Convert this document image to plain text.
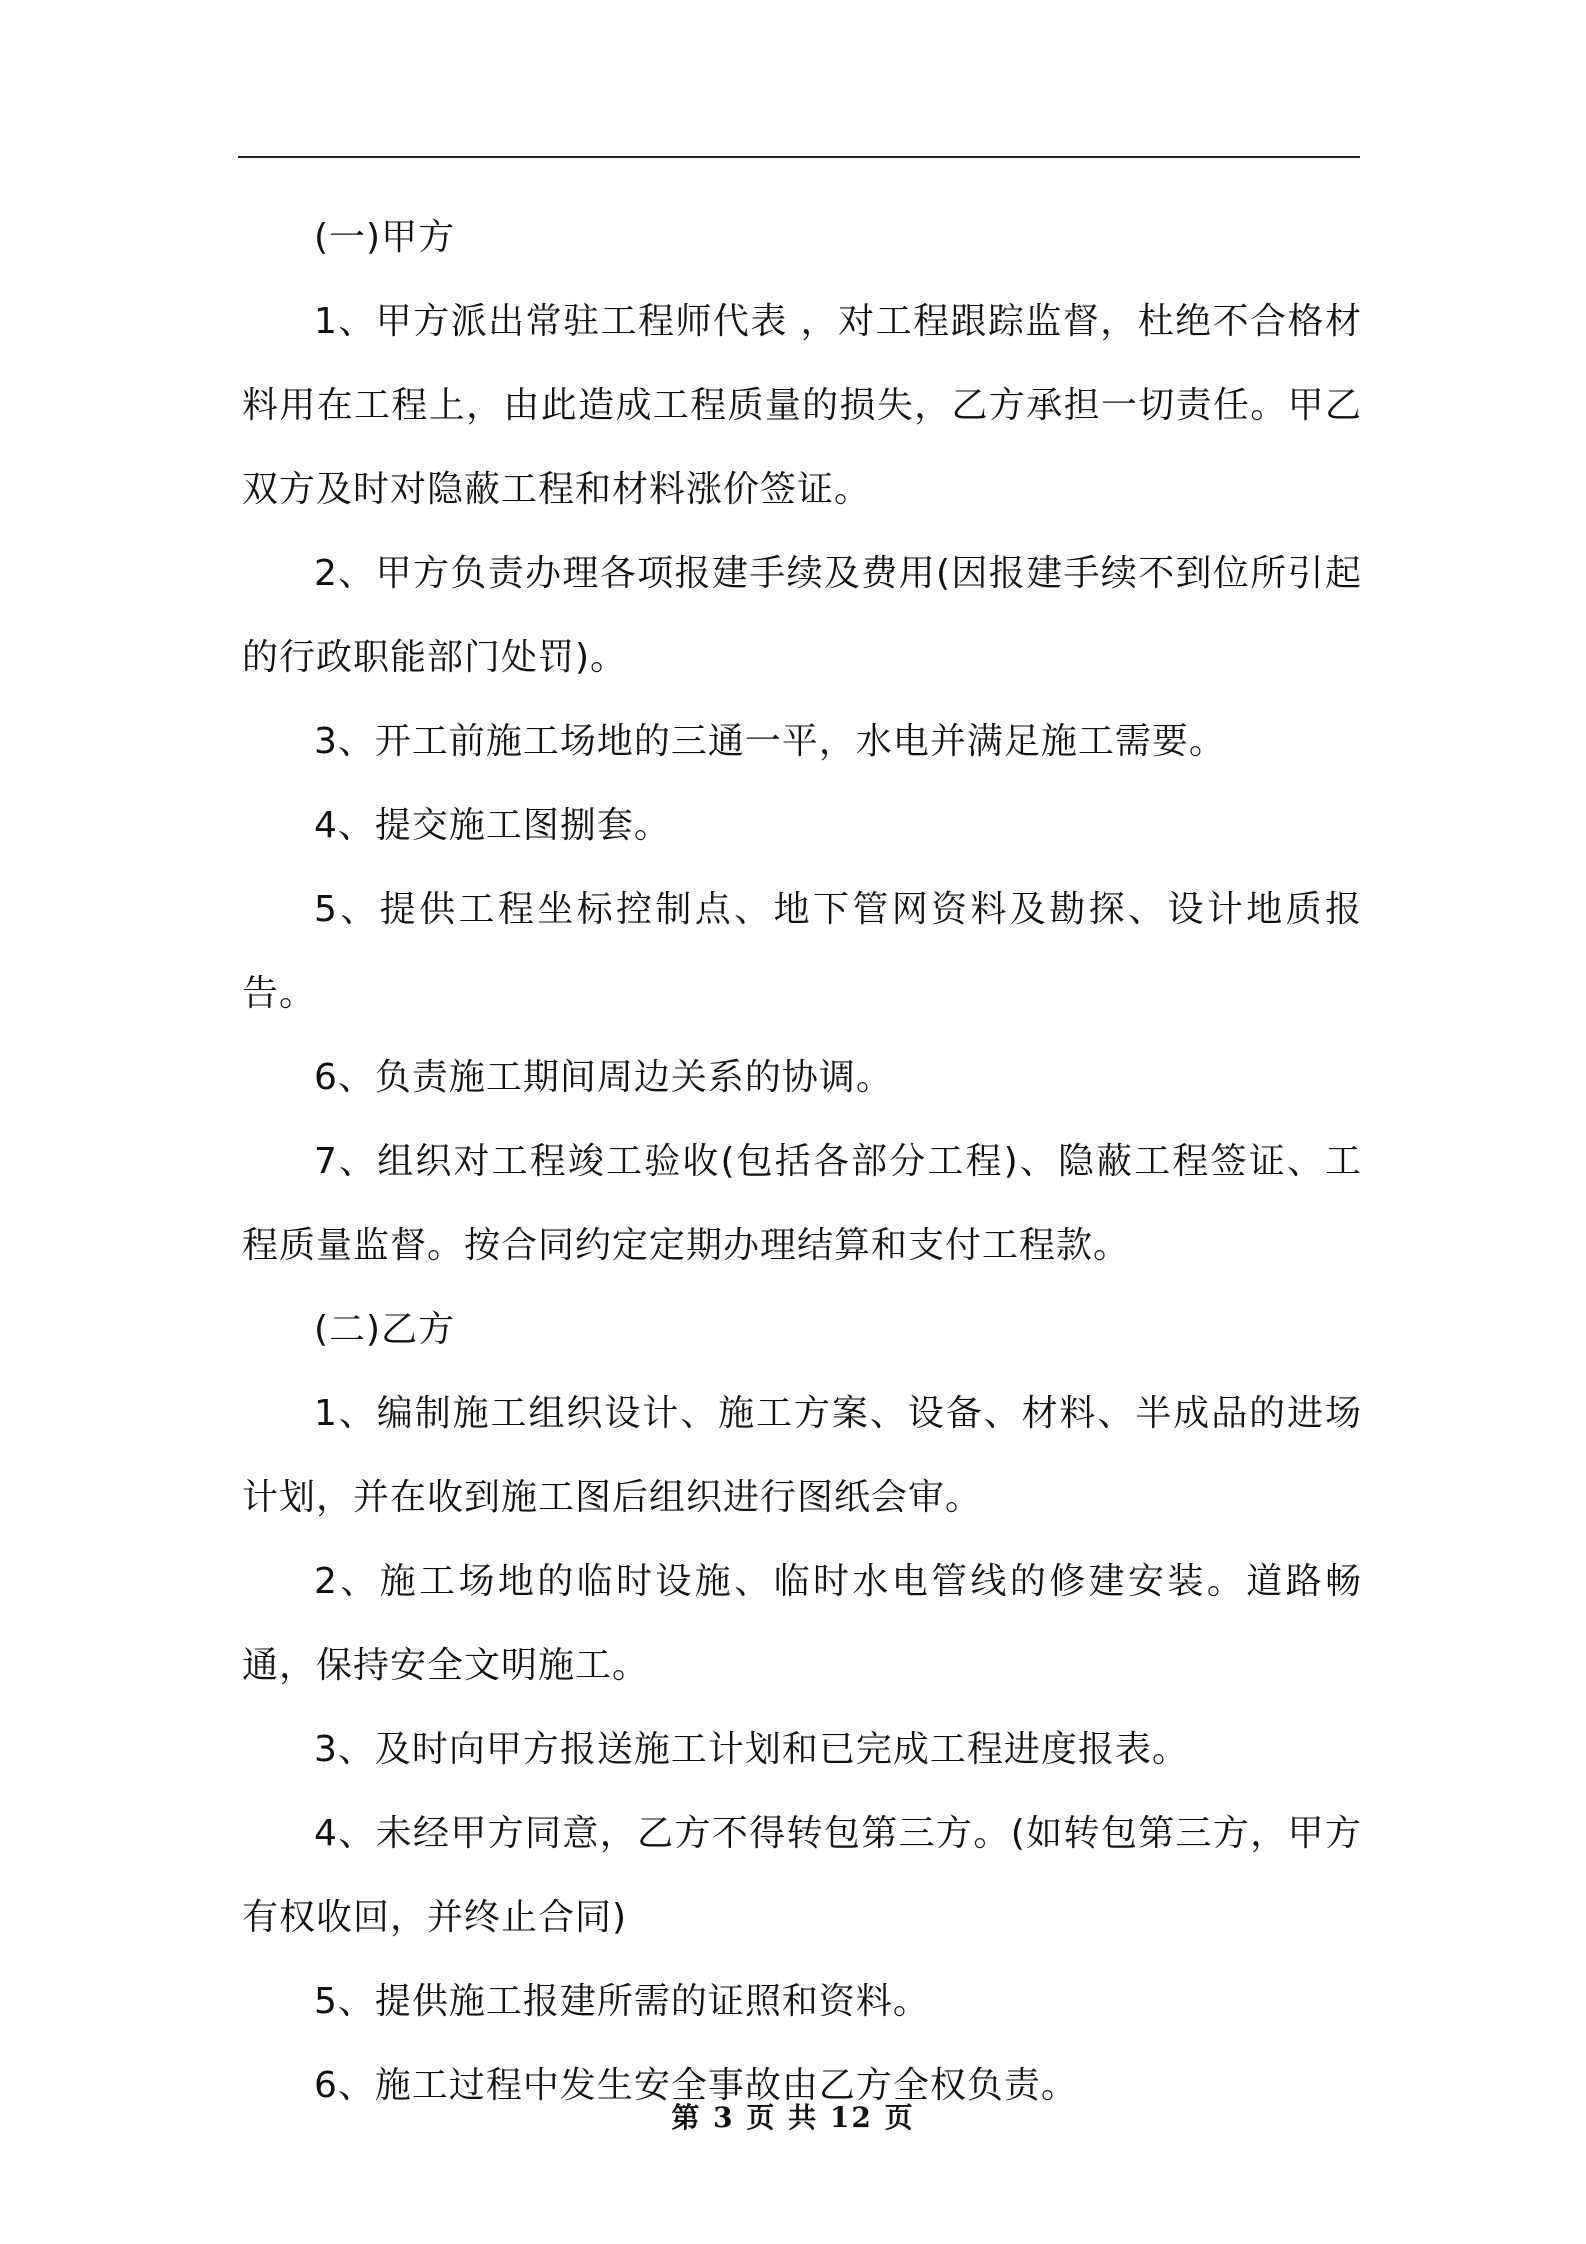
(一)甲方

1、甲方派出常驻工程师代表 ，对工程跟踪监督，杜绝不合格材料用在工程上，由此造成工程质量的损失，乙方承担一切责任。甲乙双方及时对隐蔽工程和材料涨价签证。

2、甲方负责办理各项报建手续及费用(因报建手续不到位所引起的行政职能部门处罚)。

3、开工前施工场地的三通一平，水电并满足施工需要。

4、提交施工图捌套。

5、提供工程坐标控制点、地下管网资料及勘探、设计地质报告。

6、负责施工期间周边关系的协调。

7、组织对工程竣工验收(包括各部分工程)、隐蔽工程签证、工程质量监督。按合同约定定期办理结算和支付工程款。

(二)乙方

1、编制施工组织设计、施工方案、设备、材料、半成品的进场计划，并在收到施工图后组织进行图纸会审。

2、施工场地的临时设施、临时水电管线的修建安装。道路畅通，保持安全文明施工。

3、及时向甲方报送施工计划和已完成工程进度报表。

4、未经甲方同意，乙方不得转包第三方。(如转包第三方，甲方有权收回，并终止合同)

5、提供施工报建所需的证照和资料。

6、施工过程中发生安全事故由乙方全权负责。

第 3 页 共 12 页
